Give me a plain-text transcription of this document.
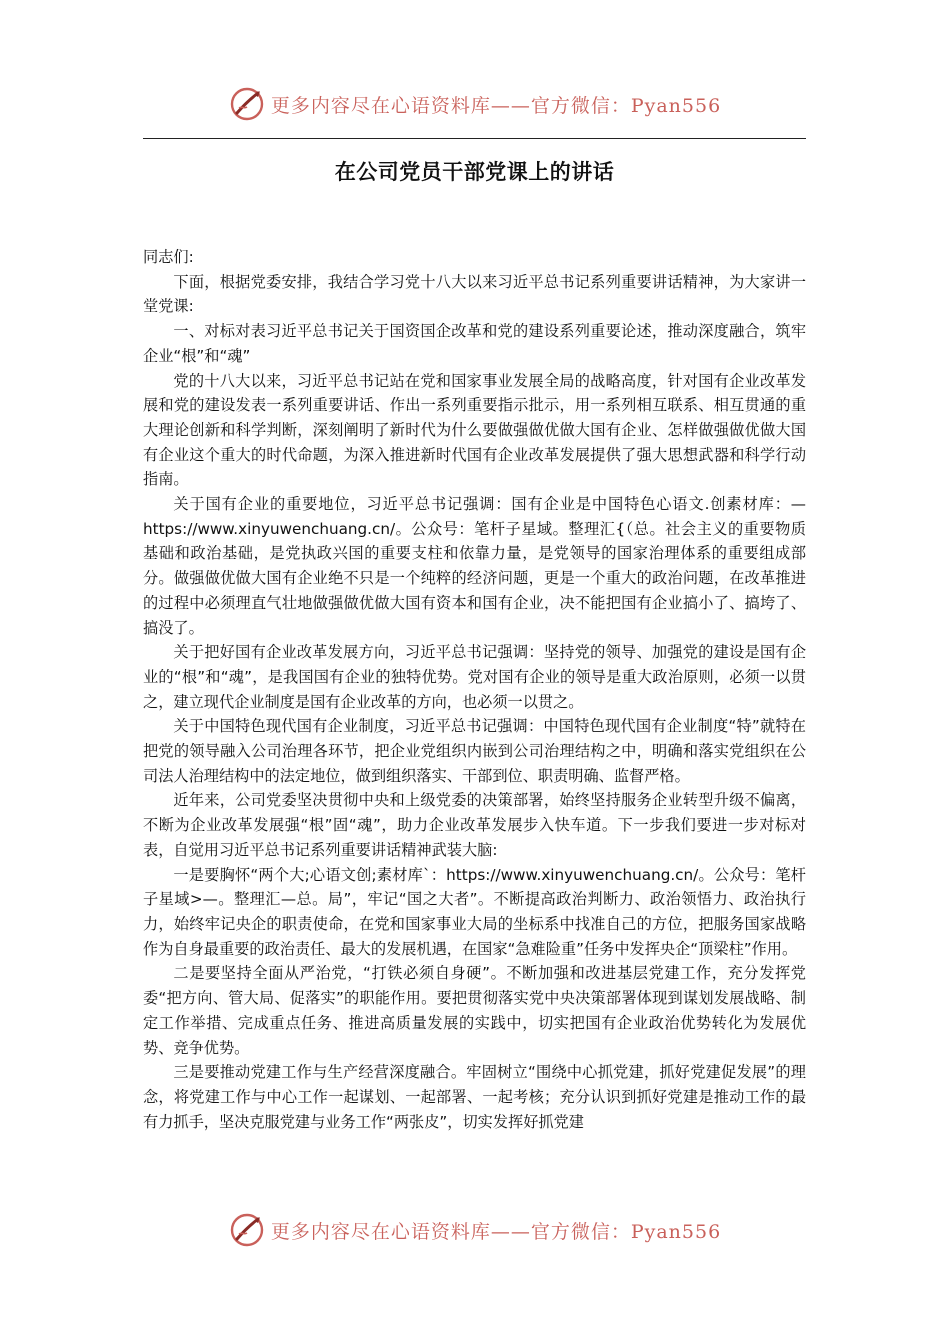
更多内容尽在心语资料库——官方微信：Pyan556
在公司党员干部党课上的讲话

同志们:

下面，根据党委安排，我结合学习党十八大以来习近平总书记系列重要讲话精神，为大家讲一堂党课:

一、对标对表习近平总书记关于国资国企改革和党的建设系列重要论述，推动深度融合，筑牢企业“根”和“魂”

党的十八大以来，习近平总书记站在党和国家事业发展全局的战略高度，针对国有企业改革发展和党的建设发表一系列重要讲话、作出一系列重要指示批示，用一系列相互联系、相互贯通的重大理论创新和科学判断，深刻阐明了新时代为什么要做强做优做大国有企业、怎样做强做优做大国有企业这个重大的时代命题，为深入推进新时代国有企业改革发展提供了强大思想武器和科学行动指南。

关于国有企业的重要地位，习近平总书记强调：国有企业是中国特色心语文.创素材库：—https://www.xinyuwenchuang.cn/。公众号：笔杆子星域。整理汇{（总。社会主义的重要物质基础和政治基础，是党执政兴国的重要支柱和依靠力量，是党领导的国家治理体系的重要组成部分。做强做优做大国有企业绝不只是一个纯粹的经济问题，更是一个重大的政治问题，在改革推进的过程中必须理直气壮地做强做优做大国有资本和国有企业，决不能把国有企业搞小了、搞垮了、搞没了。

关于把好国有企业改革发展方向，习近平总书记强调：坚持党的领导、加强党的建设是国有企业的“根”和“魂”，是我国国有企业的独特优势。党对国有企业的领导是重大政治原则，必须一以贯之，建立现代企业制度是国有企业改革的方向，也必须一以贯之。

关于中国特色现代国有企业制度，习近平总书记强调：中国特色现代国有企业制度“特”就特在把党的领导融入公司治理各环节，把企业党组织内嵌到公司治理结构之中，明确和落实党组织在公司法人治理结构中的法定地位，做到组织落实、干部到位、职责明确、监督严格。

近年来，公司党委坚决贯彻中央和上级党委的决策部署，始终坚持服务企业转型升级不偏离，不断为企业改革发展强“根”固“魂”，助力企业改革发展步入快车道。下一步我们要进一步对标对表，自觉用习近平总书记系列重要讲话精神武装大脑:

一是要胸怀“两个大;心语文创;素材库`：https://www.xinyuwenchuang.cn/。公众号：笔杆子星域>—。整理汇—总。局”，牢记“国之大者”。不断提高政治判断力、政治领悟力、政治执行力，始终牢记央企的职责使命，在党和国家事业大局的坐标系中找准自己的方位，把服务国家战略作为自身最重要的政治责任、最大的发展机遇，在国家“急难险重”任务中发挥央企“顶梁柱”作用。

二是要坚持全面从严治党，“打铁必须自身硬”。不断加强和改进基层党建工作，充分发挥党委“把方向、管大局、促落实”的职能作用。要把贯彻落实党中央决策部署体现到谋划发展战略、制定工作举措、完成重点任务、推进高质量发展的实践中，切实把国有企业政治优势转化为发展优势、竞争优势。

三是要推动党建工作与生产经营深度融合。牢固树立“围绕中心抓党建，抓好党建促发展”的理念，将党建工作与中心工作一起谋划、一起部署、一起考核；充分认识到抓好党建是推动工作的最有力抓手，坚决克服党建与业务工作“两张皮”，切实发挥好抓党建

更多内容尽在心语资料库——官方微信：Pyan556
